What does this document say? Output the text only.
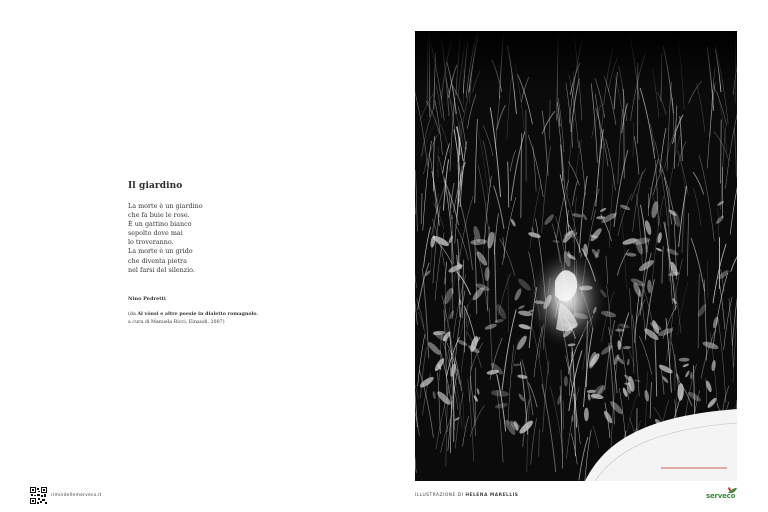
Il giardino
La morte è un giardino
che fa buie le rose.
È un gattino bianco
sepolto dove mai
lo troveranno.
La morte è un grido
che diventa pietra
nel farsi del silenzio.
Nino Pedretti
(da Al vòusi e altre poesie in dialetto romagnolo,
a cura di Manuela Ricci, Einaudi, 2007)
rimindellemerveco.it	ILLUSTRAZIONE DI HELENA MARELLIS	serveco
